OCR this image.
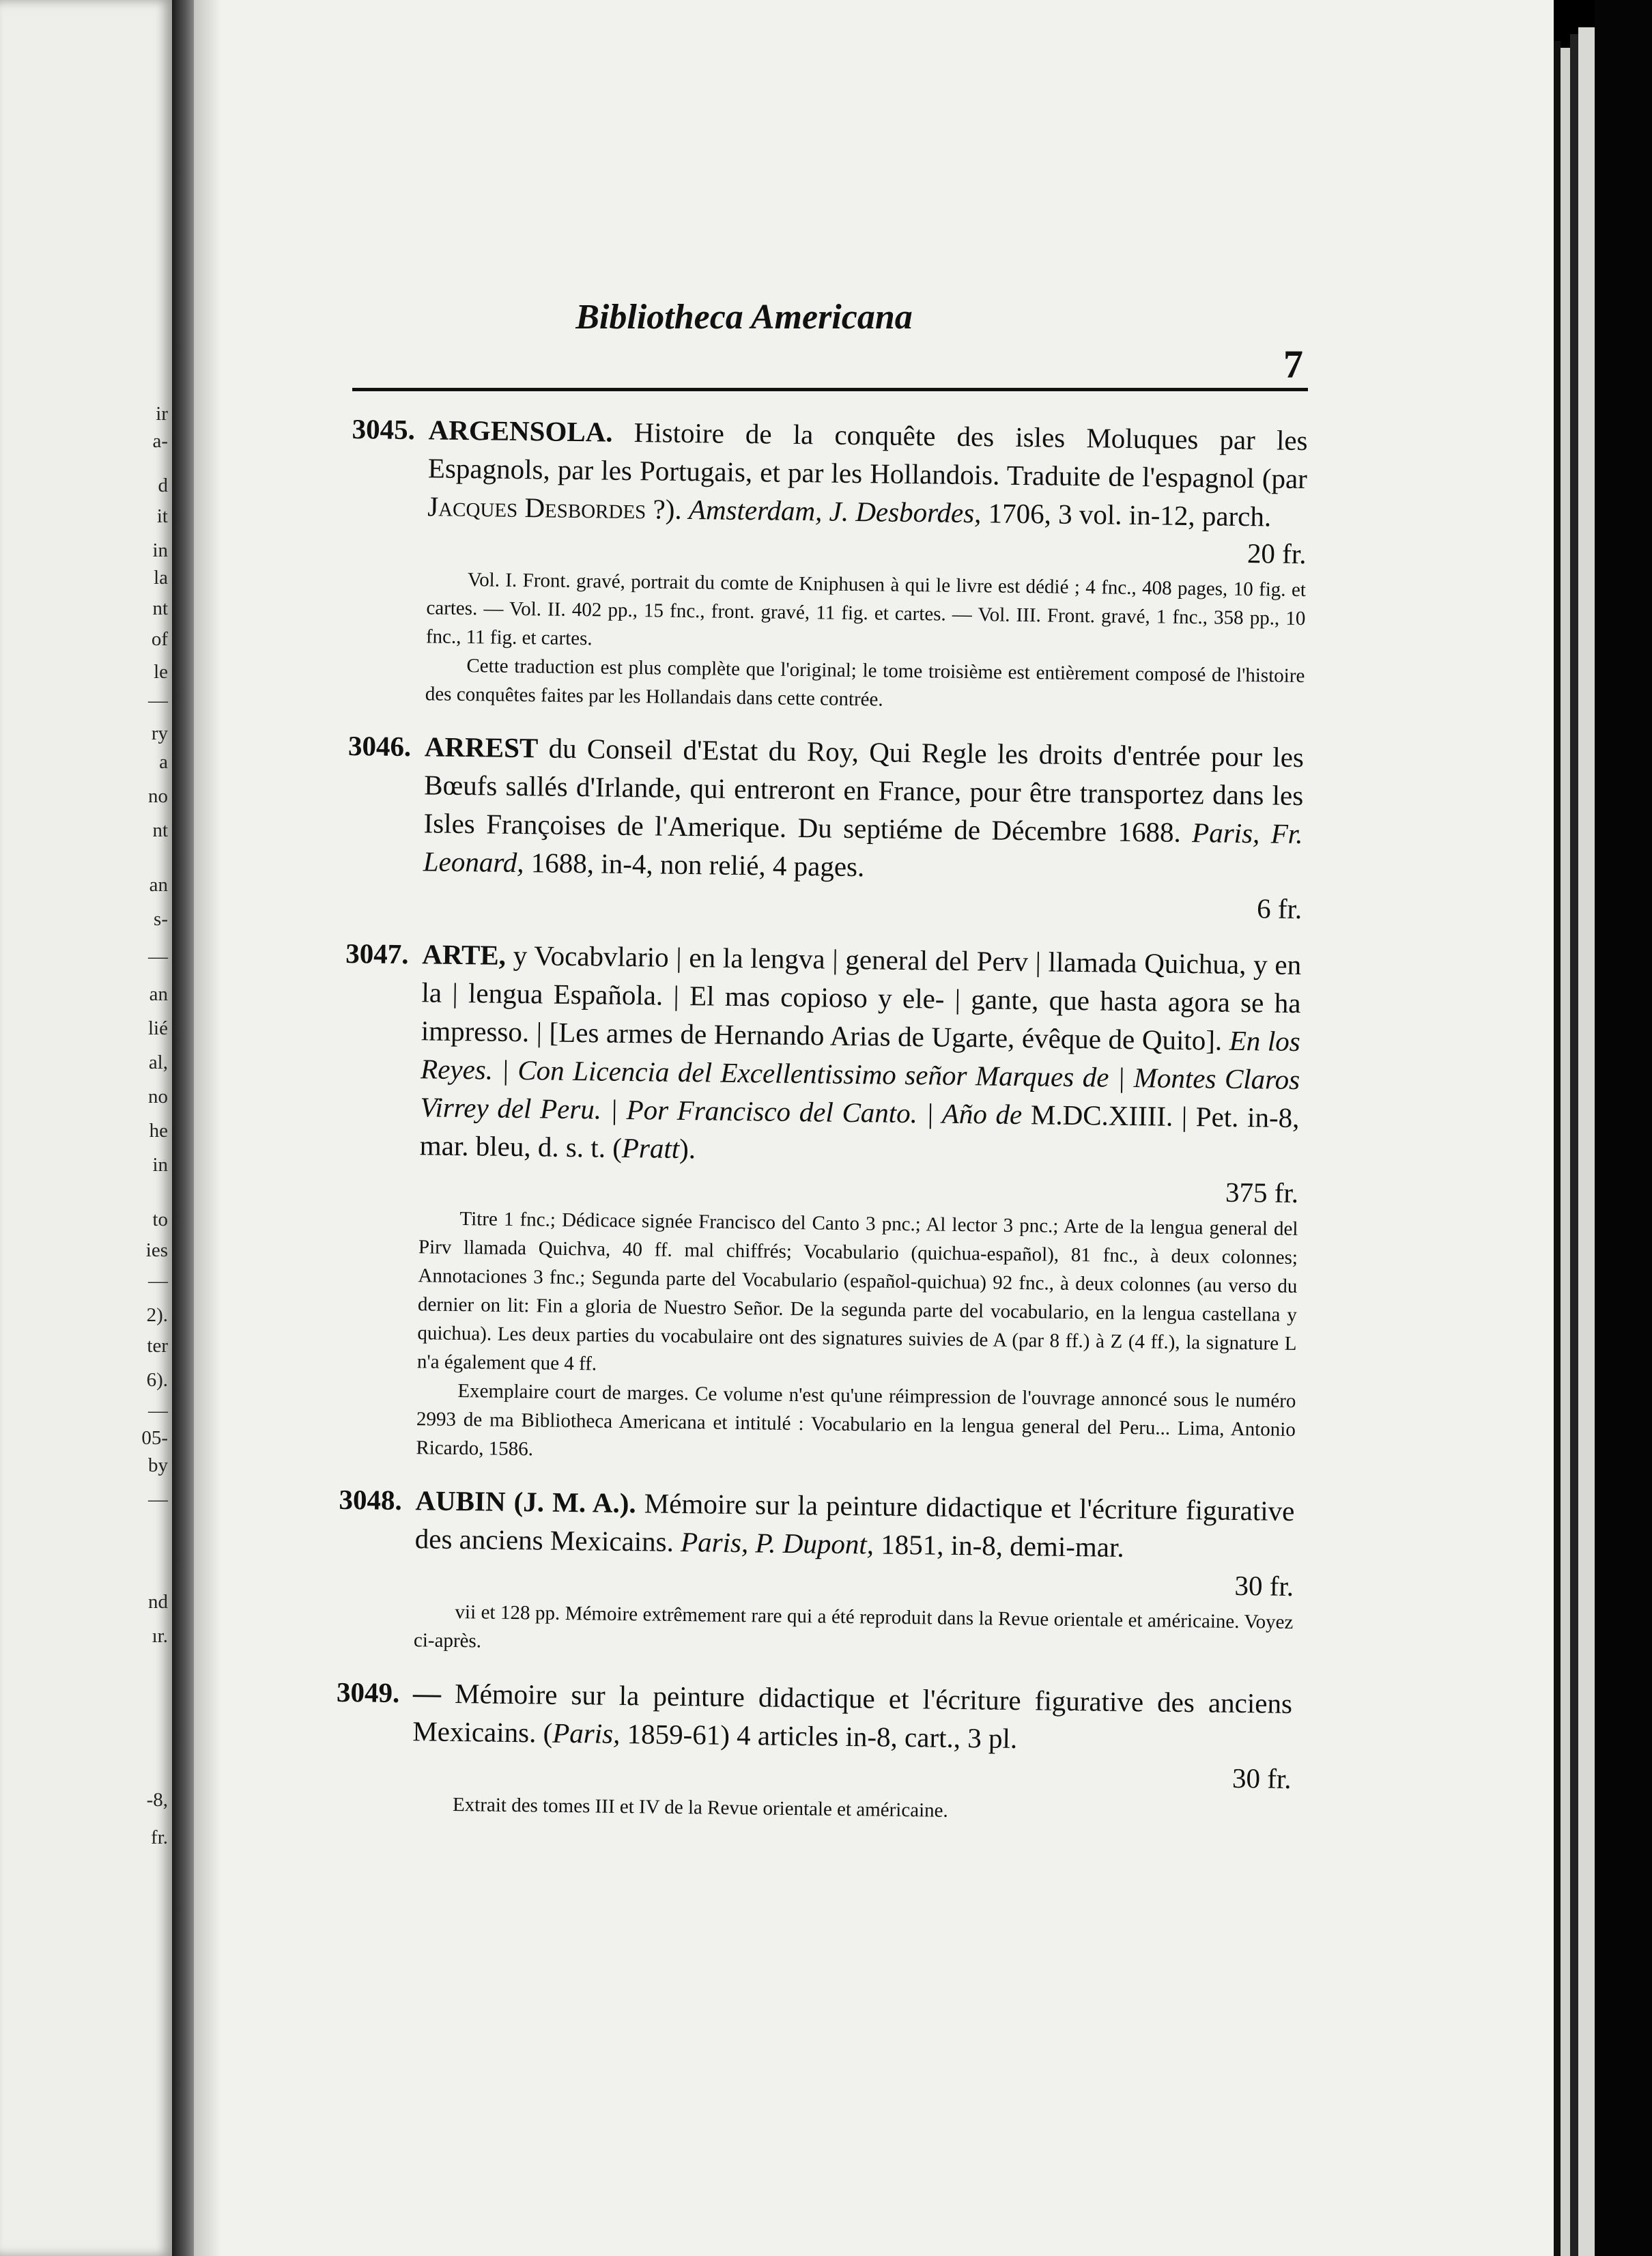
ir
a-
d
it
in
la
nt
of
le
—
ry
a
no
nt
an
s-
—
an
lié
al,
no
he
in
to
ies
—
2).
ter
6).
—
05-
by
—
nd
ır.
-8,
fr.
Bibliotheca Americana
7
3045. ARGENSOLA. Histoire de la conquête des isles Moluques par les Espagnols, par les Portugais, et par les Hollandois. Traduite de l'espagnol (par Jacques Desbordes ?). Amsterdam, J. Desbordes, 1706, 3 vol. in-12, parch.
20 fr.

Vol. I. Front. gravé, portrait du comte de Kniphusen à qui le livre est dédié ; 4 fnc., 408 pages, 10 fig. et cartes. — Vol. II. 402 pp., 15 fnc., front. gravé, 11 fig. et cartes. — Vol. III. Front. gravé, 1 fnc., 358 pp., 10 fnc., 11 fig. et cartes.

Cette traduction est plus complète que l'original; le tome troisième est entièrement composé de l'histoire des conquêtes faites par les Hollandais dans cette contrée.

3046. ARREST du Conseil d'Estat du Roy, Qui Regle les droits d'entrée pour les Bœufs sallés d'Irlande, qui entreront en France, pour être transportez dans les Isles Françoises de l'Amerique. Du septiéme de Décembre 1688. Paris, Fr. Leonard, 1688, in-4, non relié, 4 pages.
6 fr.
3047. ARTE, y Vocabvlario | en la lengva | general del Perv | llamada Quichua, y en la | lengua Española. | El mas copioso y ele- | gante, que hasta agora se ha impresso. | [Les armes de Hernando Arias de Ugarte, évêque de Quito]. En los Reyes. | Con Licencia del Excellentissimo señor Marques de | Montes Claros Virrey del Peru. | Por Francisco del Canto. | Año de M.DC.XIIII. | Pet. in-8, mar. bleu, d. s. t. (Pratt).
375 fr.

Titre 1 fnc.; Dédicace signée Francisco del Canto 3 pnc.; Al lector 3 pnc.; Arte de la lengua general del Pirv llamada Quichva, 40 ff. mal chiffrés; Vocabulario (quichua-español), 81 fnc., à deux colonnes; Annotaciones 3 fnc.; Segunda parte del Vocabulario (español-quichua) 92 fnc., à deux colonnes (au verso du dernier on lit: Fin a gloria de Nuestro Señor. De la segunda parte del vocabulario, en la lengua castellana y quichua). Les deux parties du vocabulaire ont des signatures suivies de A (par 8 ff.) à Z (4 ff.), la signature L n'a également que 4 ff.

Exemplaire court de marges. Ce volume n'est qu'une réimpression de l'ouvrage annoncé sous le numéro 2993 de ma Bibliotheca Americana et intitulé : Vocabulario en la lengua general del Peru... Lima, Antonio Ricardo, 1586.

3048. AUBIN (J. M. A.). Mémoire sur la peinture didactique et l'écriture figurative des anciens Mexicains. Paris, P. Dupont, 1851, in-8, demi-mar.
30 fr.

vii et 128 pp. Mémoire extrêmement rare qui a été reproduit dans la Revue orientale et américaine. Voyez ci-après.

3049. — Mémoire sur la peinture didactique et l'écriture figurative des anciens Mexicains. (Paris, 1859-61) 4 articles in-8, cart., 3 pl.
30 fr.

Extrait des tomes III et IV de la Revue orientale et américaine.
